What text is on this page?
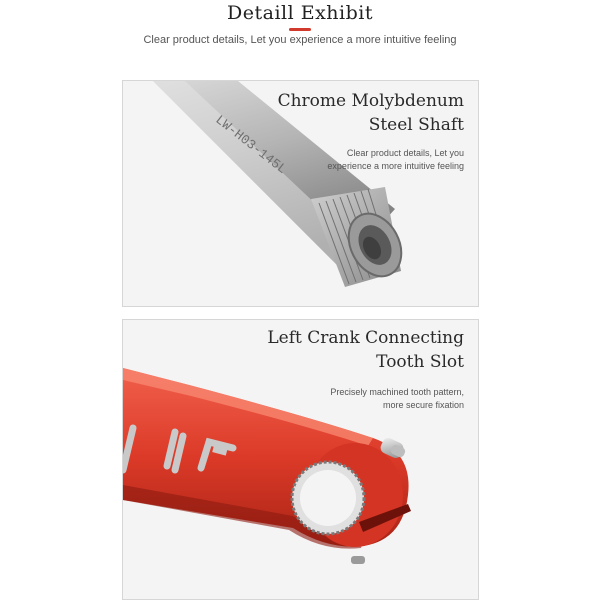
Detaill Exhibit
Clear product details, Let you experience a more intuitive feeling
LW-H03-145L
Chrome Molybdenum
Steel Shaft
Clear product details, Let you
experience a more intuitive feeling
Left Crank Connecting
Tooth Slot
Precisely machined tooth pattern,
more secure fixation
